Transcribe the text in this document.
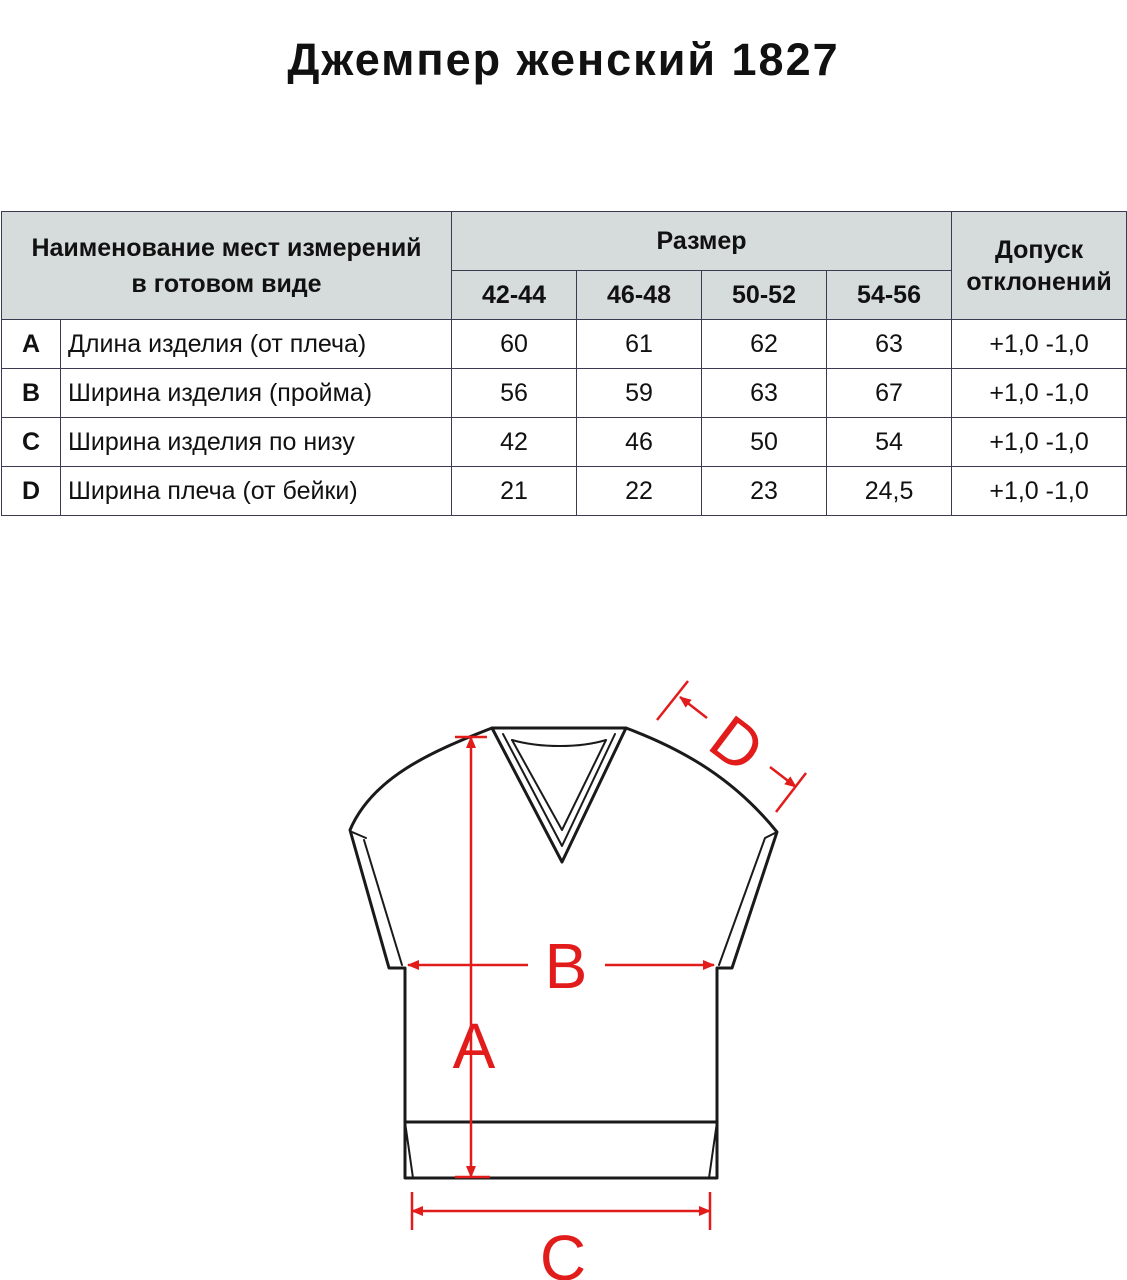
Джемпер женский 1827
Наименование мест измерений
в готовом виде		Размер				Допуск
отклонений
		42-44	46-48	50-52	54-56	
A	Длина изделия (от плеча)	60	61	62	63	+1,0 -1,0
B	Ширина изделия (пройма)	56	59	63	67	+1,0 -1,0
C	Ширина изделия по низу	42	46	50	54	+1,0 -1,0
D	Ширина плеча (от бейки)	21	22	23	24,5	+1,0 -1,0
A
B
C
D
